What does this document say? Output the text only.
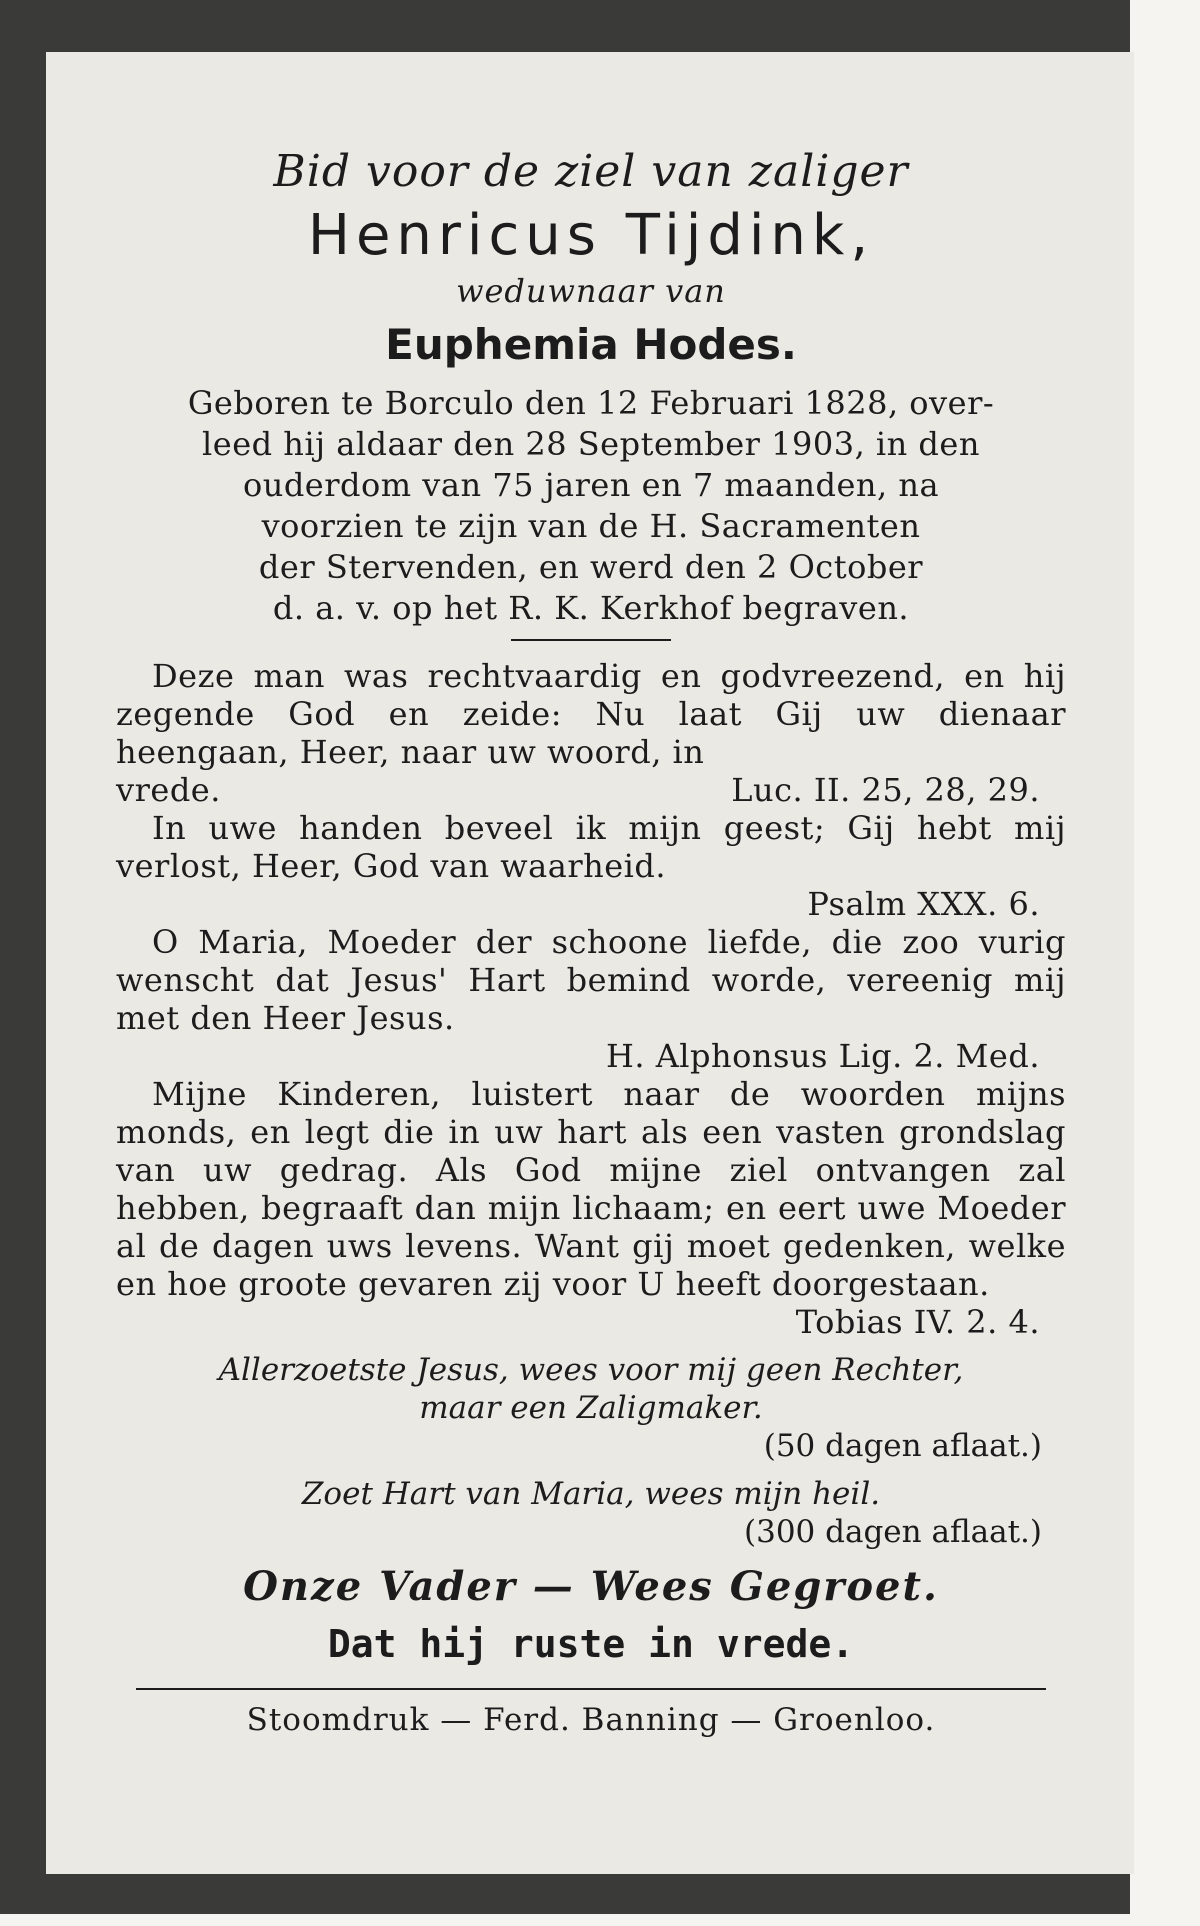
Bid voor de ziel van zaliger
Henricus Tijdink,
weduwnaar van
Euphemia Hodes.
Geboren te Borculo den 12 Februari 1828, over-
leed hij aldaar den 28 September 1903, in den
ouderdom van 75 jaren en 7 maanden, na
voorzien te zijn van de H. Sacramenten
der Stervenden, en werd den 2 October
d. a. v. op het R. K. Kerkhof begraven.

Deze man was rechtvaardig en godvreezend, en hij zegende God en zeide: Nu laat Gij uw dienaar heengaan, Heer, naar uw woord, in

vrede.	Luc. II. 25, 28, 29.

In uwe handen beveel ik mijn geest; Gij hebt mij verlost, Heer, God van waarheid.

Psalm XXX. 6.

O Maria, Moeder der schoone liefde, die zoo vurig wenscht dat Jesus' Hart bemind worde, vereenig mij met den Heer Jesus.

H. Alphonsus Lig. 2. Med.

Mijne Kinderen, luistert naar de woorden mijns monds, en legt die in uw hart als een vasten grondslag van uw gedrag. Als God mijne ziel ontvangen zal hebben, begraaft dan mijn lichaam; en eert uwe Moeder al de dagen uws levens. Want gij moet gedenken, welke en hoe groote gevaren zij voor U heeft doorgestaan.

Tobias IV. 2. 4.
Allerzoetste Jesus, wees voor mij geen Rechter,
maar een Zaligmaker.
(50 dagen aflaat.)
Zoet Hart van Maria, wees mijn heil.
(300 dagen aflaat.)
Onze Vader — Wees Gegroet.
Dat hij ruste in vrede.
Stoomdruk — Ferd. Banning — Groenloo.
